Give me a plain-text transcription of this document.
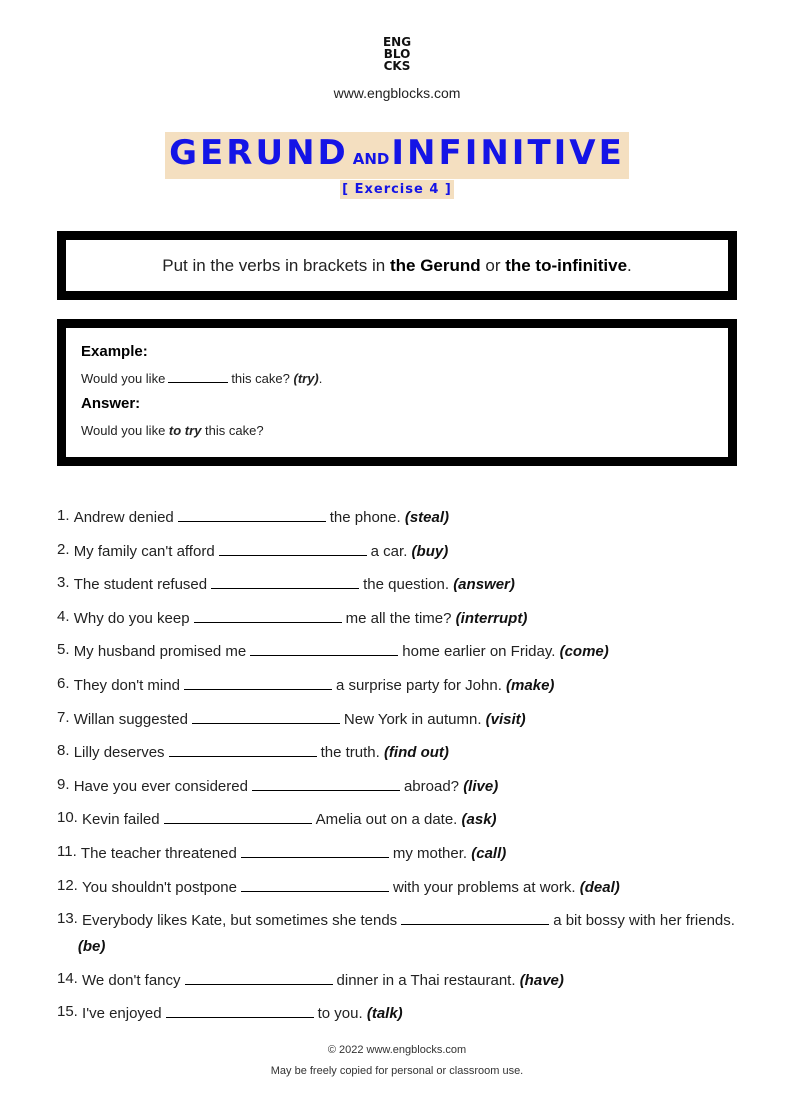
ENG
BLO
CKS
www.engblocks.com
GERUND ANDINFINITIVE
[ Exercise 4 ]
Put in the verbs in brackets in the Gerund or the to-infinitive.
Example:
Would you like	this cake? (try).
Answer:
Would you like to try this cake?
1. Andrew denied	the phone. (steal)
2. My family can't afford	a car. (buy)
3. The student refused	the question. (answer)
4. Why do you keep	me all the time? (interrupt)
5. My husband promised me	home earlier on Friday. (come)
6. They don't mind	a surprise party for John. (make)
7. Willan suggested	New York in autumn. (visit)
8. Lilly deserves	the truth. (find out)
9. Have you ever considered	abroad? (live)
10. Kevin failed	Amelia out on a date. (ask)
11. The teacher threatened	my mother. (call)
12. You shouldn't postpone	with your problems at work. (deal)
13. Everybody likes Kate, but sometimes she tends	a bit bossy with her friends. (be)
14. We don't fancy	dinner in a Thai restaurant. (have)
15. I've enjoyed	to you. (talk)
© 2022 www.engblocks.com
May be freely copied for personal or classroom use.
